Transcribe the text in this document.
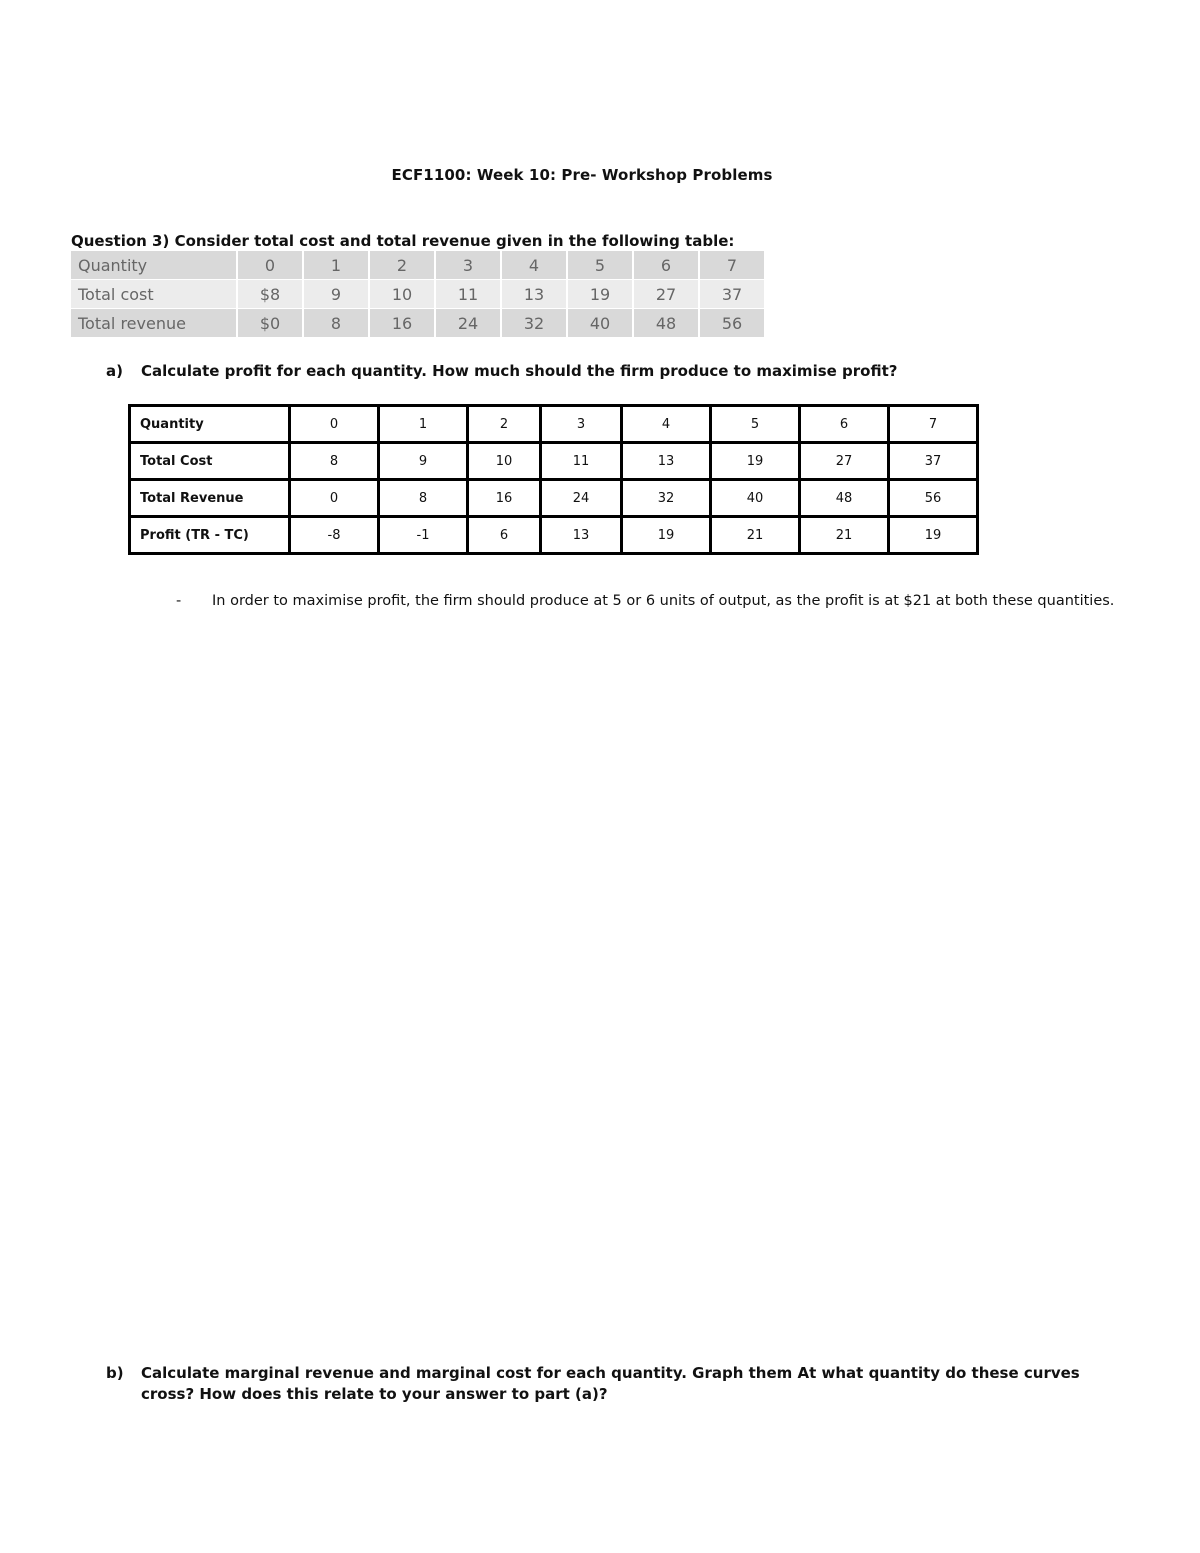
ECF1100: Week 10: Pre- Workshop Problems
Question 3) Consider total cost and total revenue given in the following table:
Quantity	0	1	2	3	4	5	6	7
Total cost	$8	9	10	11	13	19	27	37
Total revenue	$0	8	16	24	32	40	48	56
a) Calculate profit for each quantity. How much should the firm produce to maximise profit?
Quantity	0	1	2	3	4	5	6	7
Total Cost	8	9	10	11	13	19	27	37
Total Revenue	0	8	16	24	32	40	48	56
Profit (TR - TC)	-8	-1	6	13	19	21	21	19
- In order to maximise profit, the firm should produce at 5 or 6 units of output, as the profit is at $21 at both these quantities.
b) Calculate marginal revenue and marginal cost for each quantity. Graph them At what quantity do these curves cross? How does this relate to your answer to part (a)?
